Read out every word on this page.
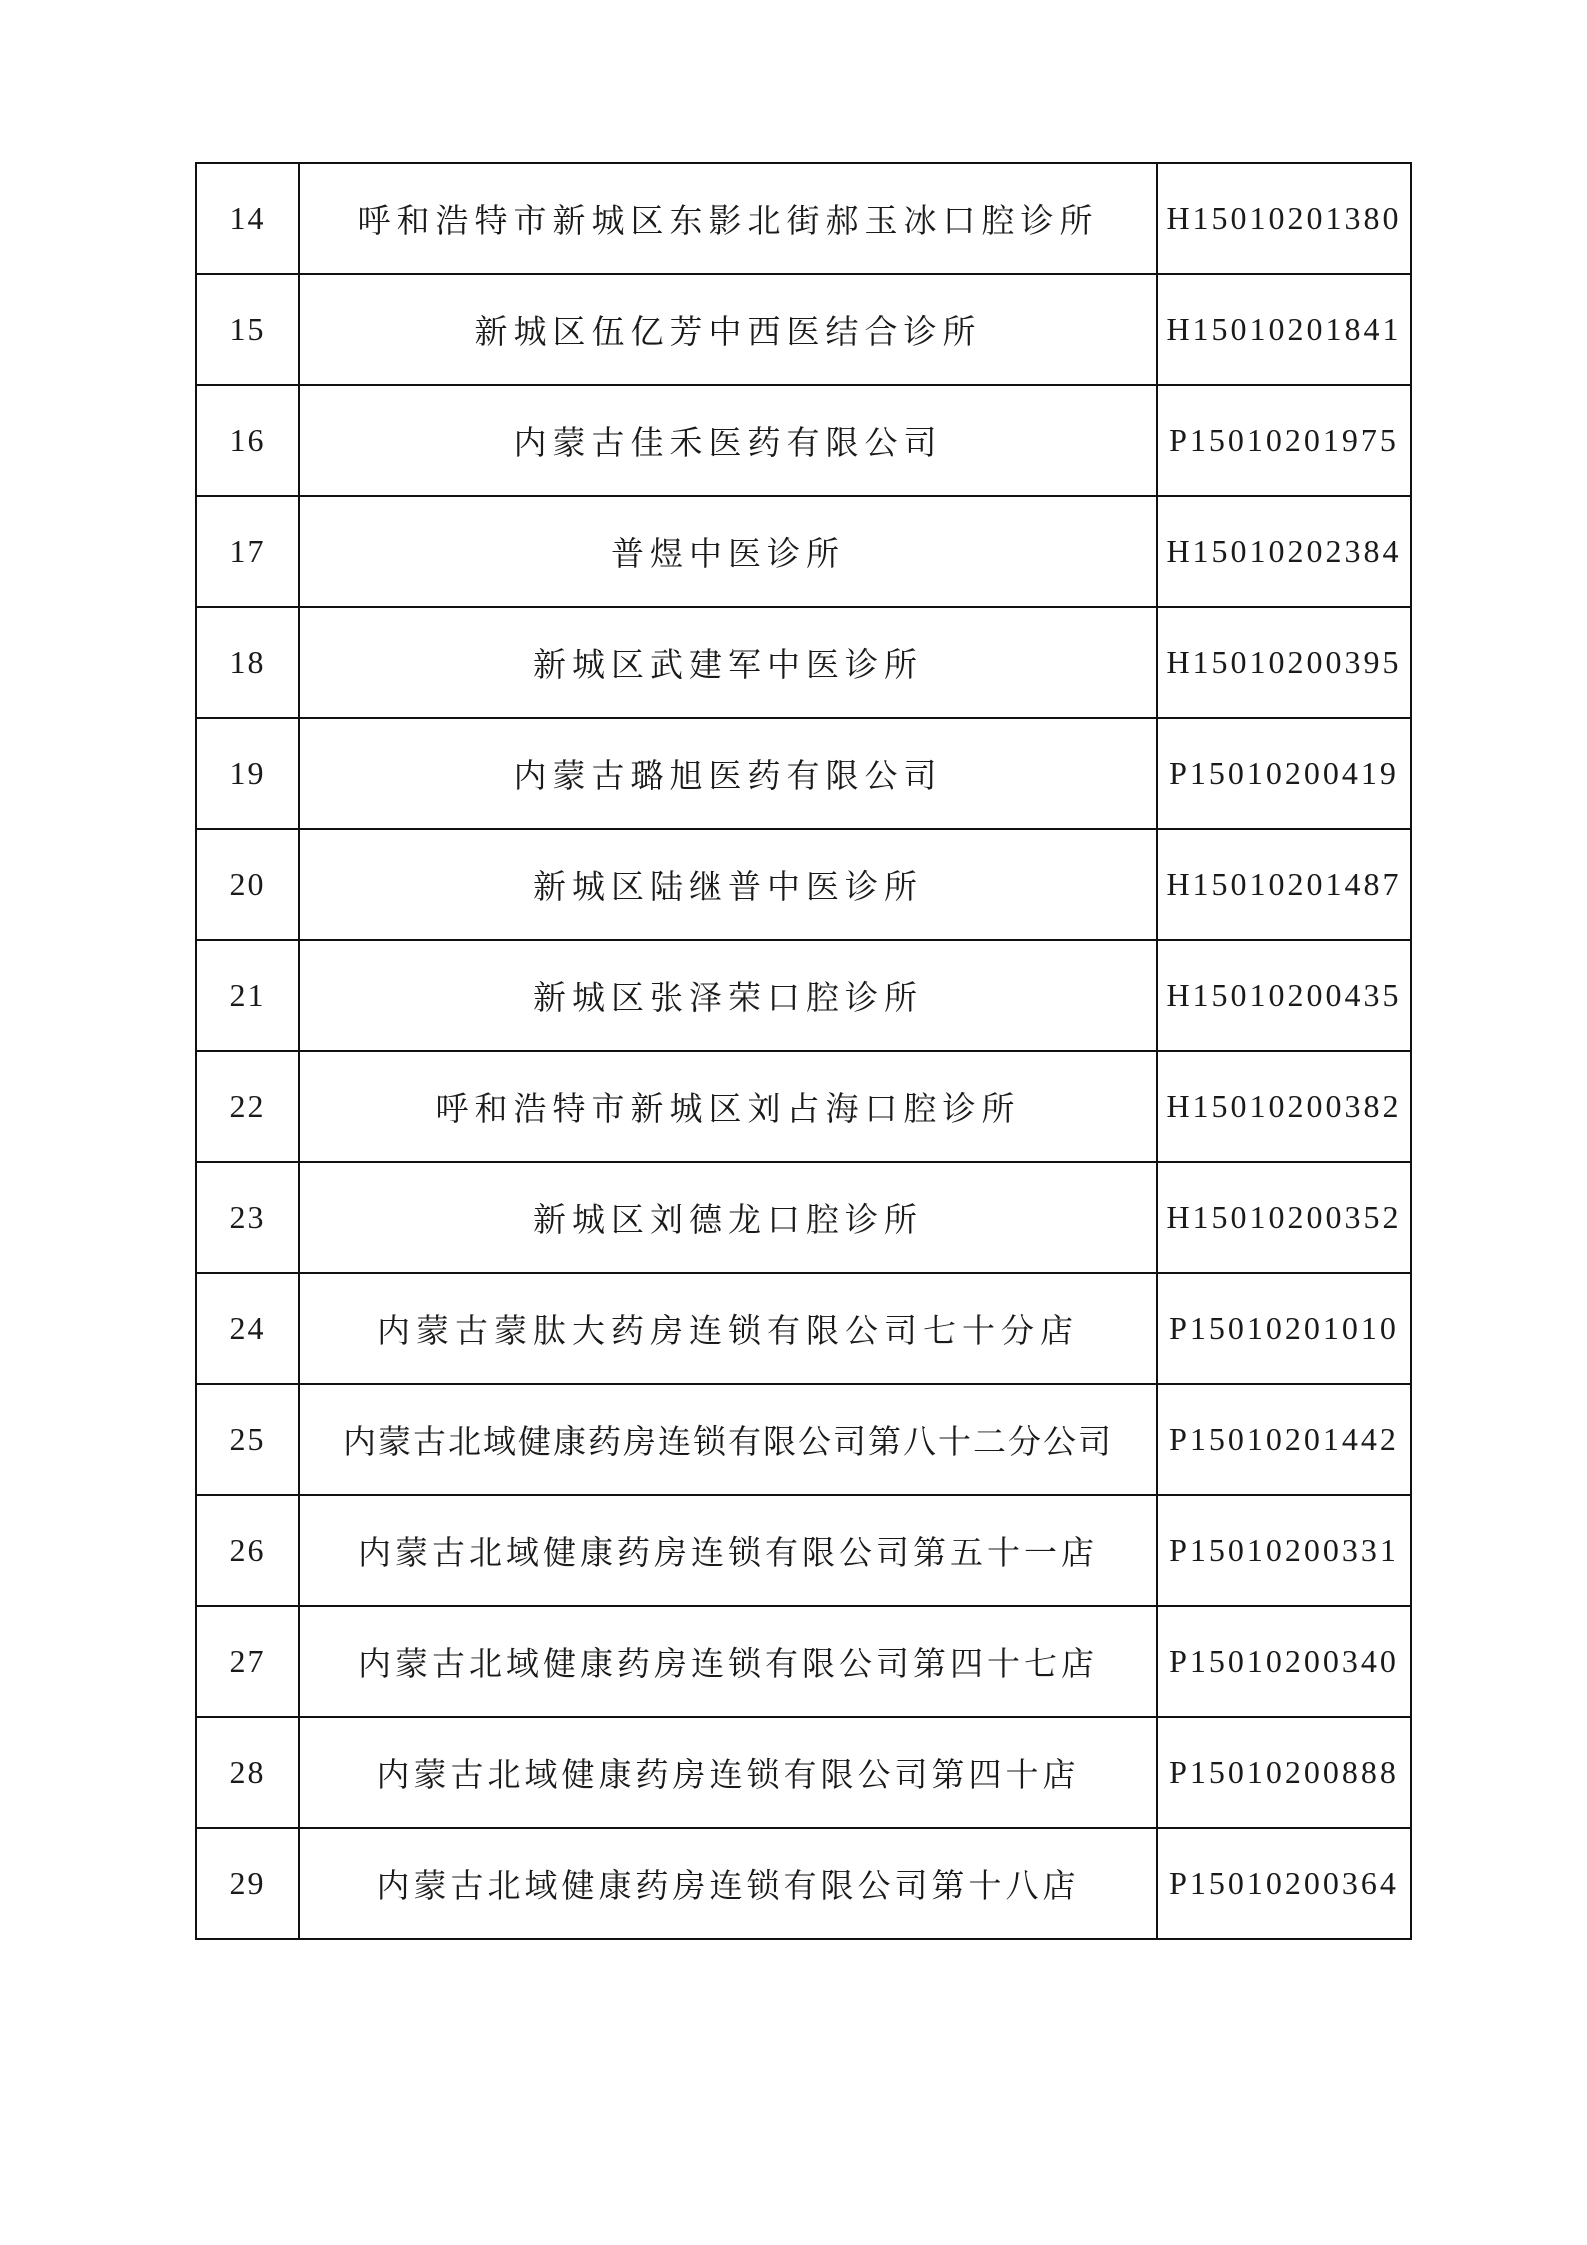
14	呼和浩特市新城区东影北街郝玉冰口腔诊所	H15010201380
15	新城区伍亿芳中西医结合诊所	H15010201841
16	内蒙古佳禾医药有限公司	P15010201975
17	普煜中医诊所	H15010202384
18	新城区武建军中医诊所	H15010200395
19	内蒙古璐旭医药有限公司	P15010200419
20	新城区陆继普中医诊所	H15010201487
21	新城区张泽荣口腔诊所	H15010200435
22	呼和浩特市新城区刘占海口腔诊所	H15010200382
23	新城区刘德龙口腔诊所	H15010200352
24	内蒙古蒙肽大药房连锁有限公司七十分店	P15010201010
25	内蒙古北域健康药房连锁有限公司第八十二分公司	P15010201442
26	内蒙古北域健康药房连锁有限公司第五十一店	P15010200331
27	内蒙古北域健康药房连锁有限公司第四十七店	P15010200340
28	内蒙古北域健康药房连锁有限公司第四十店	P15010200888
29	内蒙古北域健康药房连锁有限公司第十八店	P15010200364
